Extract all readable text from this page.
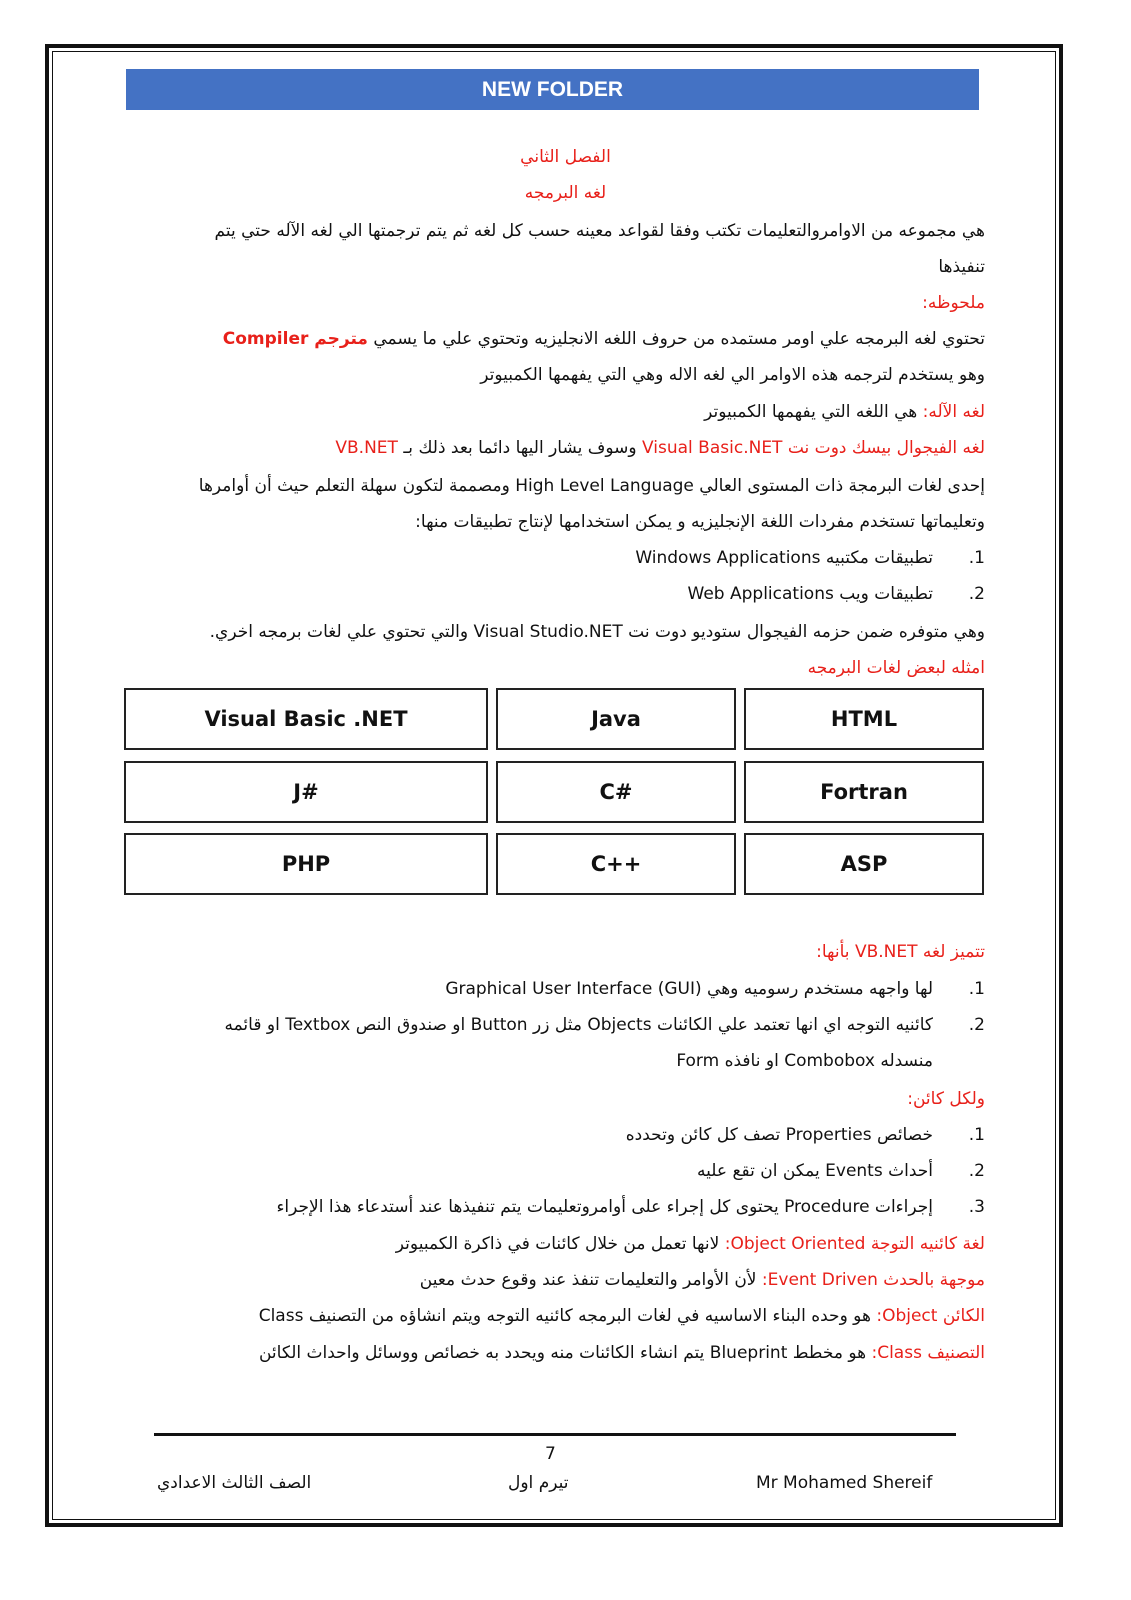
NEW FOLDER
الفصل الثاني
لغه البرمجه
هي مجموعه من الاوامروالتعليمات تكتب وفقا لقواعد معينه حسب كل لغه ثم يتم ترجمتها الي لغه الآله حتي يتم
تنفيذها
ملحوظه:
تحتوي لغه البرمجه علي اومر مستمده من حروف اللغه الانجليزيه وتحتوي علي ما يسمي مترجم Compiler
وهو يستخدم لترجمه هذه الاوامر الي لغه الاله وهي التي يفهمها الكمبيوتر
لغه الآله: هي اللغه التي يفهمها الكمبيوتر
لغه الفيجوال بيسك دوت نت Visual Basic.NET وسوف يشار اليها دائما بعد ذلك بـ VB.NET
إحدى لغات البرمجة ذات المستوى العالي High Level Language ومصممة لتكون سهلة التعلم حيث أن أوامرها
وتعليماتها تستخدم مفردات اللغة الإنجليزيه و يمكن استخدامها لإنتاج تطبيقات منها:
1.
تطبيقات مكتبيه Windows Applications
2.
تطبيقات ويب Web Applications
وهي متوفره ضمن حزمه الفيجوال ستوديو دوت نت Visual Studio.NET والتي تحتوي علي لغات برمجه اخري.
امثله لبعض لغات البرمجه
HTML
Java
Visual Basic .NET
Fortran
C#
J#
ASP
C++
PHP
تتميز لغه VB.NET بأنها:
1.
لها واجهه مستخدم رسوميه وهي Graphical User Interface (GUI)
2.
كائنيه التوجه اي انها تعتمد علي الكائنات Objects مثل زر Button او صندوق النص Textbox او قائمه
منسدله Combobox او نافذه Form
ولكل كائن:
1.
خصائص Properties تصف كل كائن وتحدده
2.
أحداث Events يمكن ان تقع عليه
3.
إجراءات Procedure يحتوى كل إجراء على أوامروتعليمات يتم تنفيذها عند أستدعاء هذا الإجراء
لغة كائنيه التوجة Object Oriented: لانها تعمل من خلال كائنات في ذاكرة الكمبيوتر
موجهة بالحدث Event Driven: لأن الأوامر والتعليمات تنفذ عند وقوع حدث معين
الكائن Object: هو وحده البناء الاساسيه في لغات البرمجه كائنيه التوجه ويتم انشاؤه من التصنيف Class
التصنيف Class: هو مخطط Blueprint يتم انشاء الكائنات منه ويحدد به خصائص ووسائل واحداث الكائن
7
Mr Mohamed Shereif
تيرم اول
الصف الثالث الاعدادي
